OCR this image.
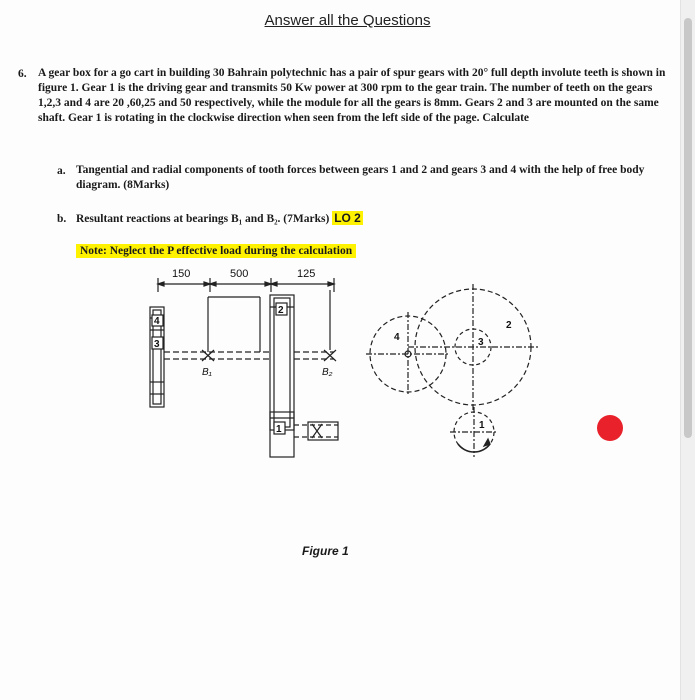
Answer all the Questions
6. A gear box for a go cart in building 30 Bahrain polytechnic has a pair of spur gears with 20° full depth involute teeth is shown in figure 1. Gear 1 is the driving gear and transmits 50 Kw power at 300 rpm to the gear train. The number of teeth on the gears 1,2,3 and 4 are 20 ,60,25 and 50 respectively, while the module for all the gears is 8mm. Gears 2 and 3 are mounted on the same shaft. Gear 1 is rotating in the clockwise direction when seen from the left side of the page. Calculate
a. Tangential and radial components of tooth forces between gears 1 and 2 and gears 3 and 4 with the help of free body diagram. (8Marks)
b. Resultant reactions at bearings B₁ and B₂. (7Marks) LO 2
Note: Neglect the P effective load during the calculation
150	500	125
4
3
2
B₁	B₂
1
4	3
2
1
Figure 1
